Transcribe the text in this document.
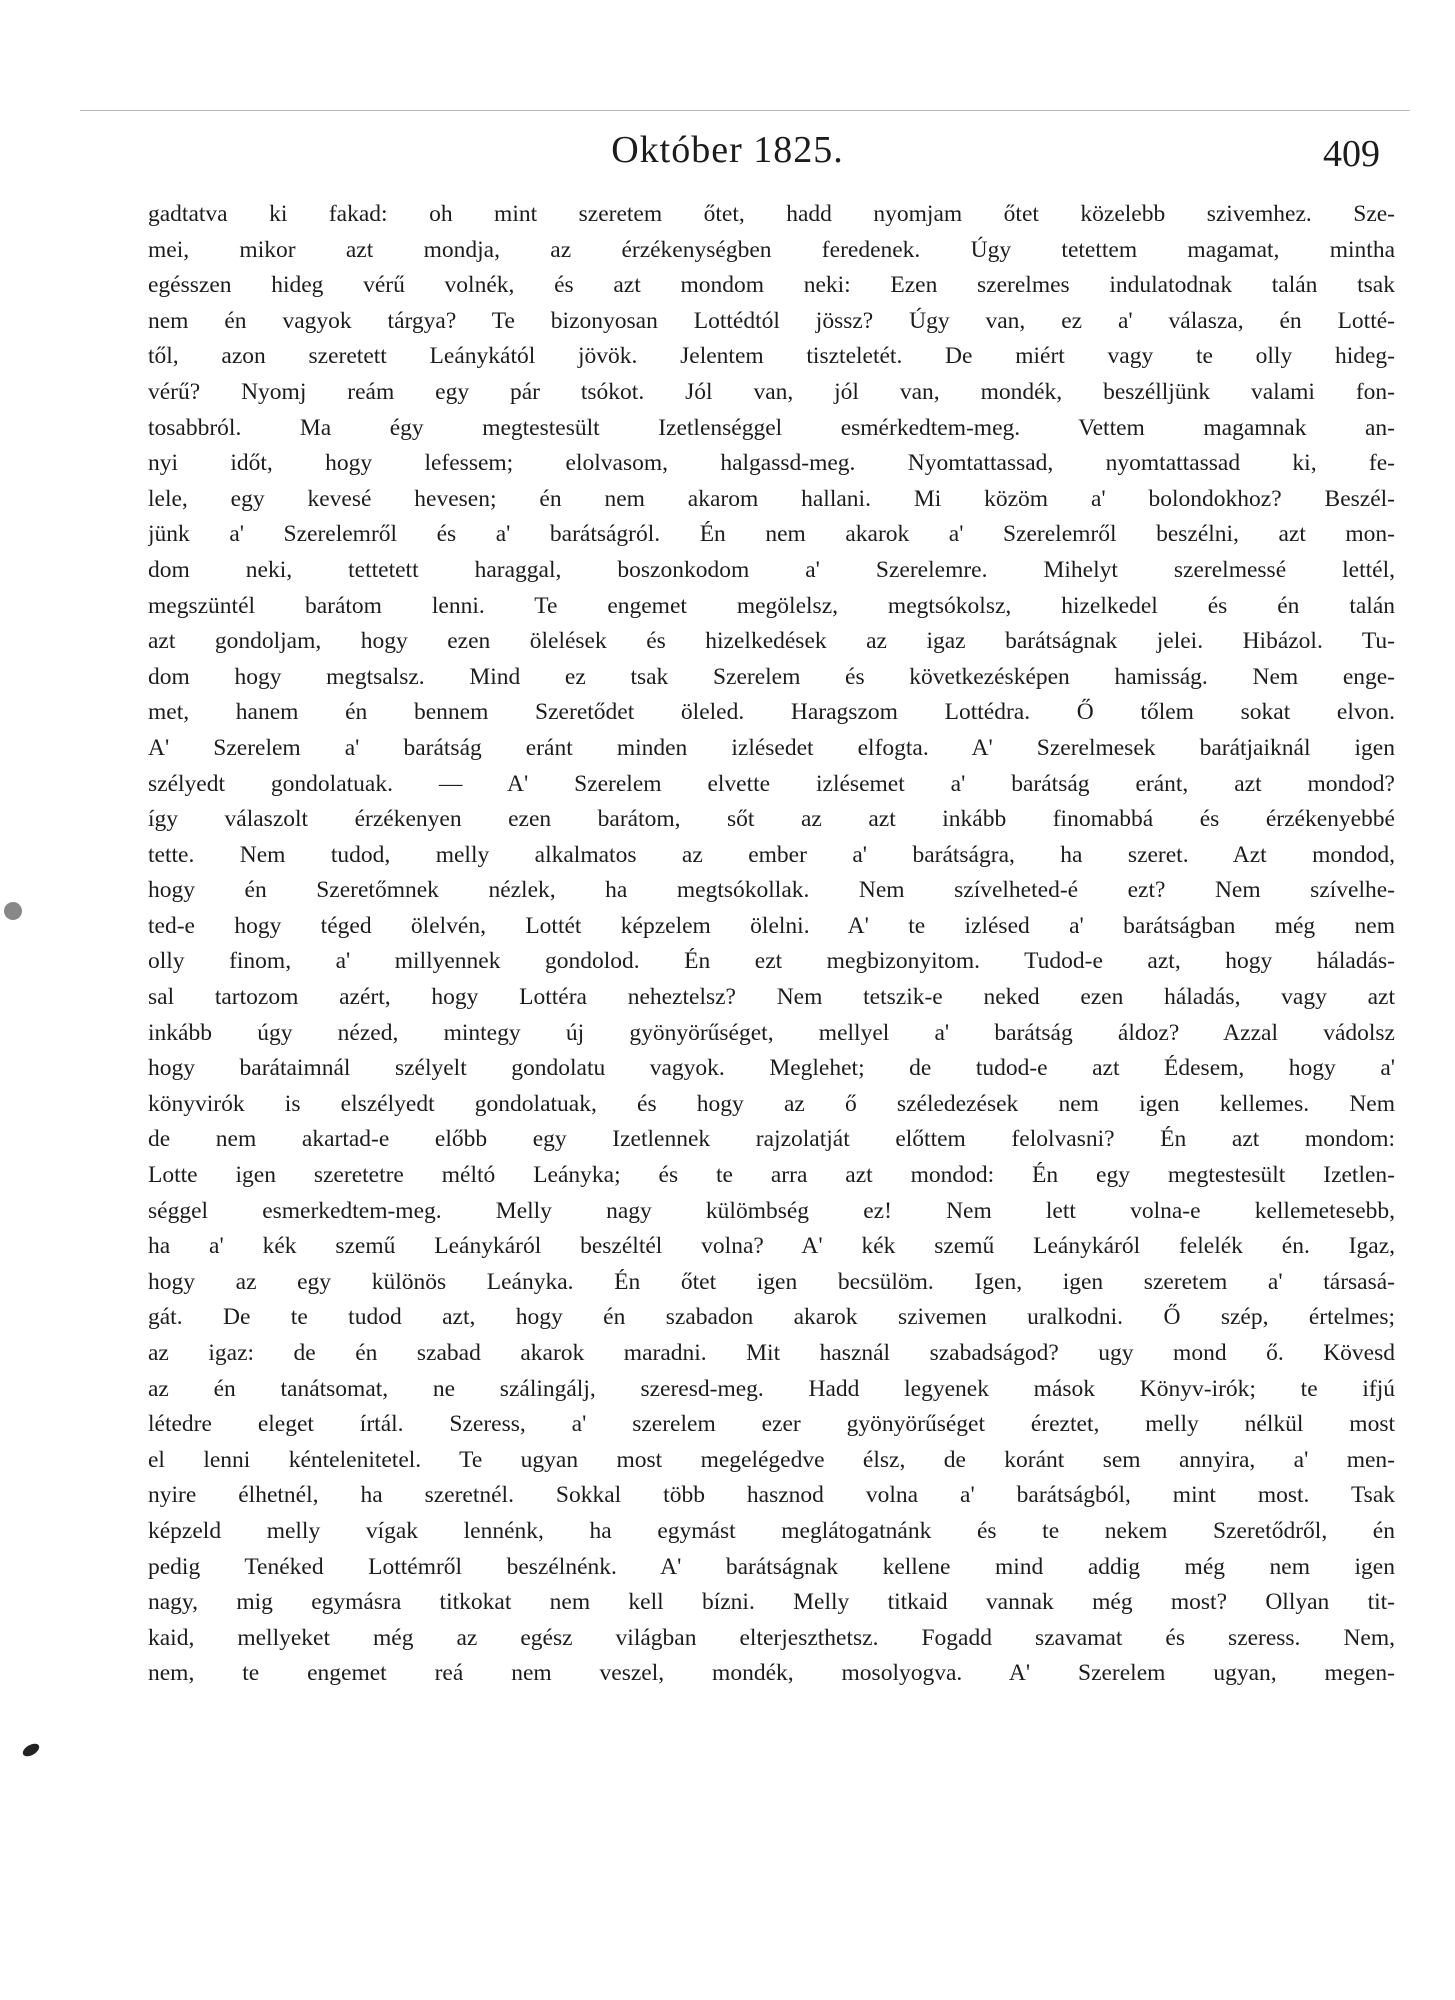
Október 1825.	409
gadtatva ki fakad: oh mint szeretem őtet, hadd nyomjam őtet közelebb szivemhez. Sze-
mei, mikor azt mondja, az érzékenységben feredenek. Úgy tetettem magamat, mintha
egésszen hideg vérű volnék, és azt mondom neki: Ezen szerelmes indulatodnak talán tsak
nem én vagyok tárgya? Te bizonyosan Lottédtól jössz? Úgy van, ez a' válasza, én Lotté-
től, azon szeretett Leánykától jövök. Jelentem tiszteletét. De miért vagy te olly hideg-
vérű? Nyomj reám egy pár tsókot. Jól van, jól van, mondék, beszélljünk valami fon-
tosabbról. Ma égy megtestesült Izetlenséggel esmérkedtem-meg. Vettem magamnak an-
nyi időt, hogy lefessem; elolvasom, halgassd-meg. Nyomtattassad, nyomtattassad ki, fe-
lele, egy kevesé hevesen; én nem akarom hallani. Mi közöm a' bolondokhoz? Beszél-
jünk a' Szerelemről és a' barátságról. Én nem akarok a' Szerelemről beszélni, azt mon-
dom neki, tettetett haraggal, boszonkodom a' Szerelemre. Mihelyt szerelmessé lettél,
megszüntél barátom lenni. Te engemet megölelsz, megtsókolsz, hizelkedel és én talán
azt gondoljam, hogy ezen ölelések és hizelkedések az igaz barátságnak jelei. Hibázol. Tu-
dom hogy megtsalsz. Mind ez tsak Szerelem és következésképen hamisság. Nem enge-
met, hanem én bennem Szeretődet ölelеd. Haragszom Lottédra. Ő tőlem sokat elvon.
A' Szerelem a' barátság eránt minden izlésedet elfogta. A' Szerelmesek barátjaiknál igen
szélyedt gondolatuak. — A' Szerelem elvette izlésemet a' barátság eránt, azt mondod?
így válaszolt érzékenyen ezen barátom, sőt az azt inkább finomabbá és érzékenyebbé
tette. Nem tudod, melly alkalmatos az ember a' barátságra, ha szeret. Azt mondod,
hogy én Szeretőmnek nézlek, ha megtsókollak. Nem szívelheted-é ezt? Nem szívelhe-
ted-e hogy téged ölelvén, Lottét képzelem ölelni. A' te izlésed a' barátságban még nem
olly finom, a' millyennek gondolod. Én ezt megbizonyitom. Tudod-e azt, hogy háladás-
sal tartozom azért, hogy Lottéra neheztelsz? Nem tetszik-e neked ezen háladás, vagy azt
inkább úgy nézed, mintegy új gyönyörűséget, mellyel a' barátság áldoz? Azzal vádolsz
hogy barátaimnál szélyelt gondolatu vagyok. Meglehet; de tudod-e azt Édesem, hogy a'
könyvirók is elszélyedt gondolatuak, és hogy az ő széledezések nem igen kellemes. Nem
de nem akartad-e előbb egy Izetlennek rajzolatját előttem felolvasni? Én azt mondom:
Lotte igen szeretetre méltó Leányka; és te arra azt mondod: Én egy megtestesült Izetlen-
séggel esmerkedtem-meg. Melly nagy külömbség ez! Nem lett volna-e kellemetesebb,
ha a' kék szemű Leánykáról beszéltél volna? A' kék szemű Leánykáról felelék én. Igaz,
hogy az egy különös Leányka. Én őtet igen becsülöm. Igen, igen szeretem a' társasá-
gát. De te tudod azt, hogy én szabadon akarok szivemen uralkodni. Ő szép, értelmes;
az igaz: de én szabad akarok maradni. Mit használ szabadságod? ugy mond ő. Kövesd
az én tanátsomat, ne szálingálj, szeresd-meg. Hadd legyenek mások Könyv-irók; te ifjú
létedre eleget írtál. Szeress, a' szerelem ezer gyönyörűséget éreztet, melly nélkül most
el lenni kéntelenitetel. Te ugyan most megelégedve élsz, de koránt sem annyira, a' men-
nyire élhetnél, ha szeretnél. Sokkal több hasznod volna a' barátságból, mint most. Tsak
képzeld melly vígak lennénk, ha egymást meglátogatnánk és te nekem Szeretődről, én
pedig Tenéked Lottémről beszélnénk. A' barátságnak kellene mind addig még nem igen
nagy, mig egymásra titkokat nem kell bízni. Melly titkaid vannak még most? Ollyan tit-
kaid, mellyeket még az egész világban elterjeszthetsz. Fogadd szavamat és szeress. Nem,
nem, te engemet reá nem veszel, mondék, mosolyogva. A' Szerelem ugyan, megen-
